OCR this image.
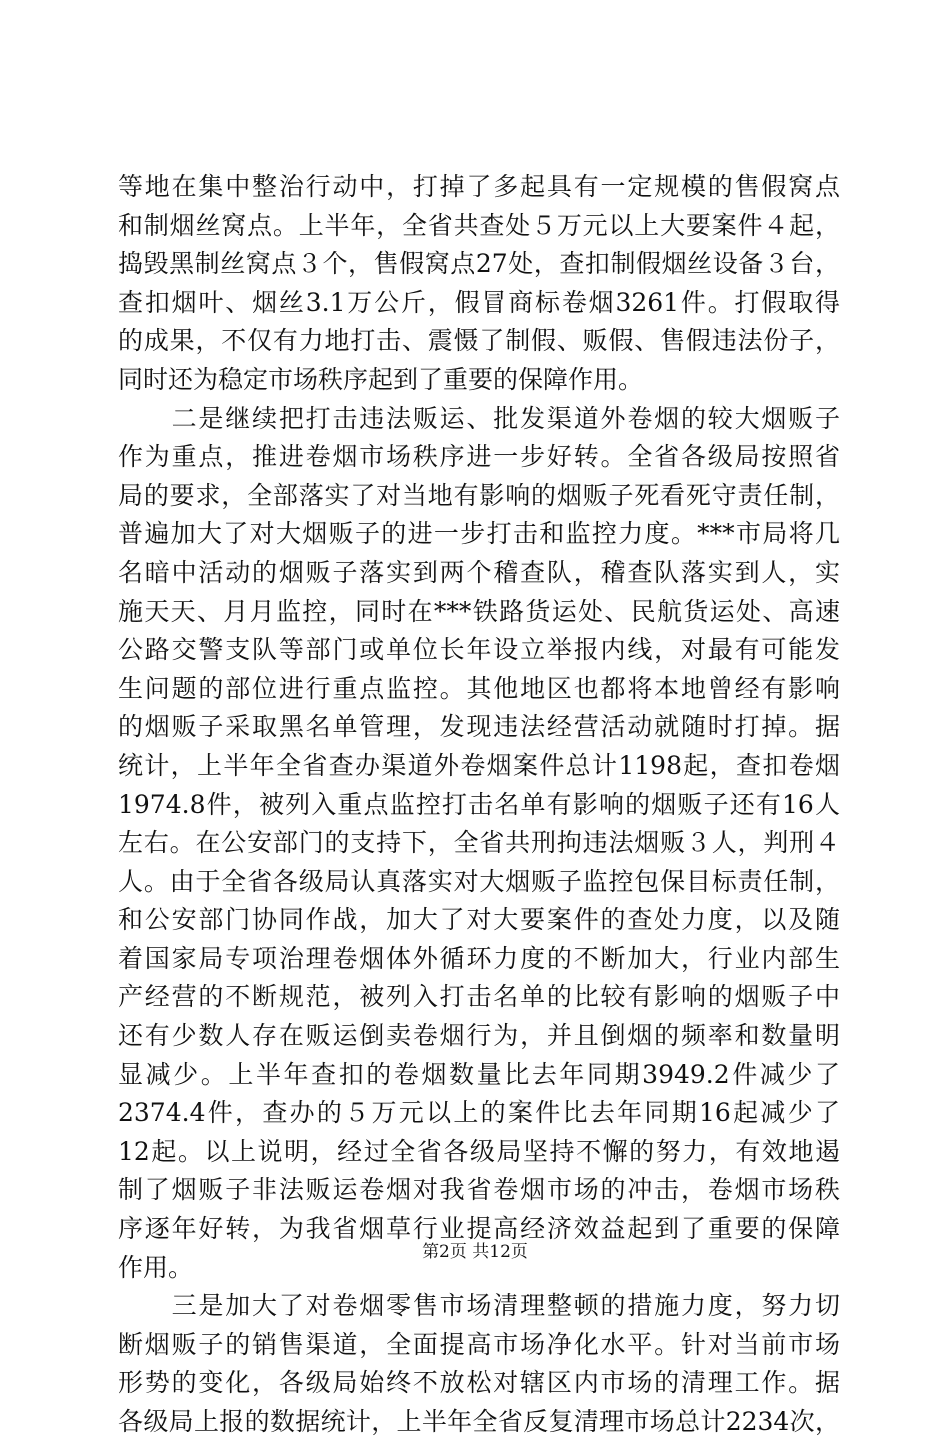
等地在集中整治行动中，打掉了多起具有一定规模的售假窝点
和制烟丝窝点。上半年，全省共查处５万元以上大要案件４起，
捣毁黑制丝窝点３个，售假窝点27处，查扣制假烟丝设备３台，
查扣烟叶、烟丝3.1万公斤，假冒商标卷烟3261件。打假取得
的成果，不仅有力地打击、震慑了制假、贩假、售假违法份子，
同时还为稳定市场秩序起到了重要的保障作用。
　　二是继续把打击违法贩运、批发渠道外卷烟的较大烟贩子
作为重点，推进卷烟市场秩序进一步好转。全省各级局按照省
局的要求，全部落实了对当地有影响的烟贩子死看死守责任制，
普遍加大了对大烟贩子的进一步打击和监控力度。***市局将几
名暗中活动的烟贩子落实到两个稽查队，稽查队落实到人，实
施天天、月月监控，同时在***铁路货运处、民航货运处、高速
公路交警支队等部门或单位长年设立举报内线，对最有可能发
生问题的部位进行重点监控。其他地区也都将本地曾经有影响
的烟贩子采取黑名单管理，发现违法经营活动就随时打掉。据
统计，上半年全省查办渠道外卷烟案件总计1198起，查扣卷烟
1974.8件，被列入重点监控打击名单有影响的烟贩子还有16人
左右。在公安部门的支持下，全省共刑拘违法烟贩３人，判刑４
人。由于全省各级局认真落实对大烟贩子监控包保目标责任制，
和公安部门协同作战，加大了对大要案件的查处力度，以及随
着国家局专项治理卷烟体外循环力度的不断加大，行业内部生
产经营的不断规范，被列入打击名单的比较有影响的烟贩子中
还有少数人存在贩运倒卖卷烟行为，并且倒烟的频率和数量明
显减少。上半年查扣的卷烟数量比去年同期3949.2件减少了
2374.4件，查办的５万元以上的案件比去年同期16起减少了
12起。以上说明，经过全省各级局坚持不懈的努力，有效地遏
制了烟贩子非法贩运卷烟对我省卷烟市场的冲击，卷烟市场秩
序逐年好转，为我省烟草行业提高经济效益起到了重要的保障
作用。
　　三是加大了对卷烟零售市场清理整顿的措施力度，努力切
断烟贩子的销售渠道，全面提高市场净化水平。针对当前市场
形势的变化，各级局始终不放松对辖区内市场的清理工作。据
各级局上报的数据统计，上半年全省反复清理市场总计2234次，
第2页 共12页
